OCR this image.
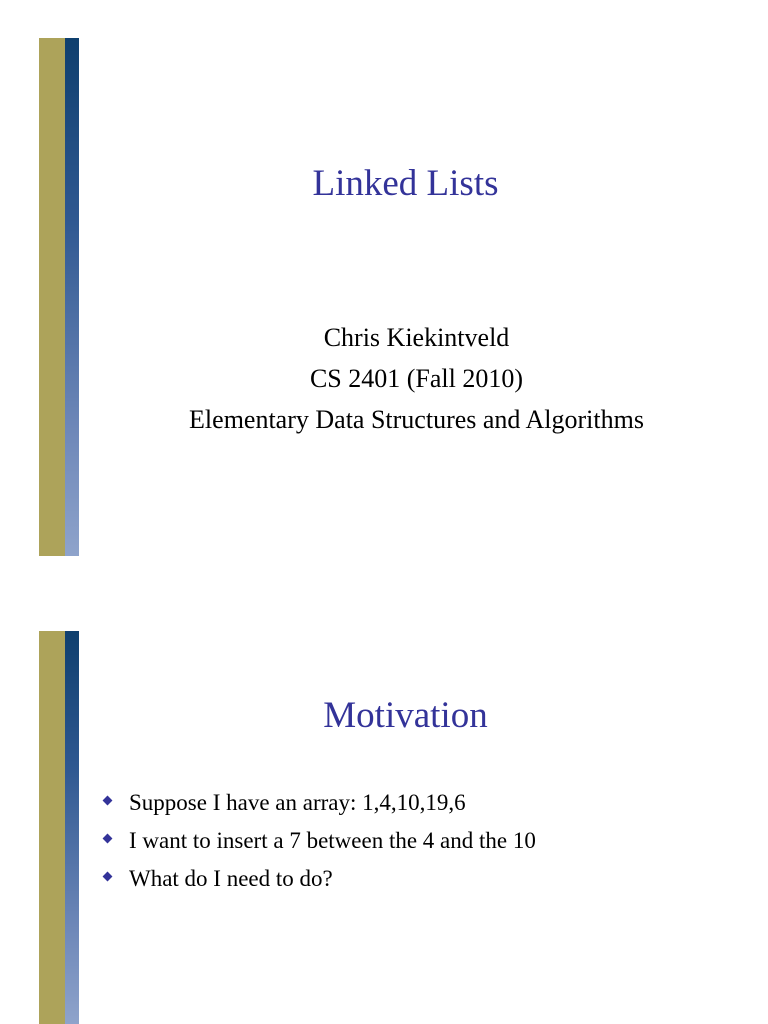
Linked Lists
Chris Kiekintveld
CS 2401 (Fall 2010)
Elementary Data Structures and Algorithms
Motivation
Suppose I have an array: 1,4,10,19,6
I want to insert a 7 between the 4 and the 10
What do I need to do?
